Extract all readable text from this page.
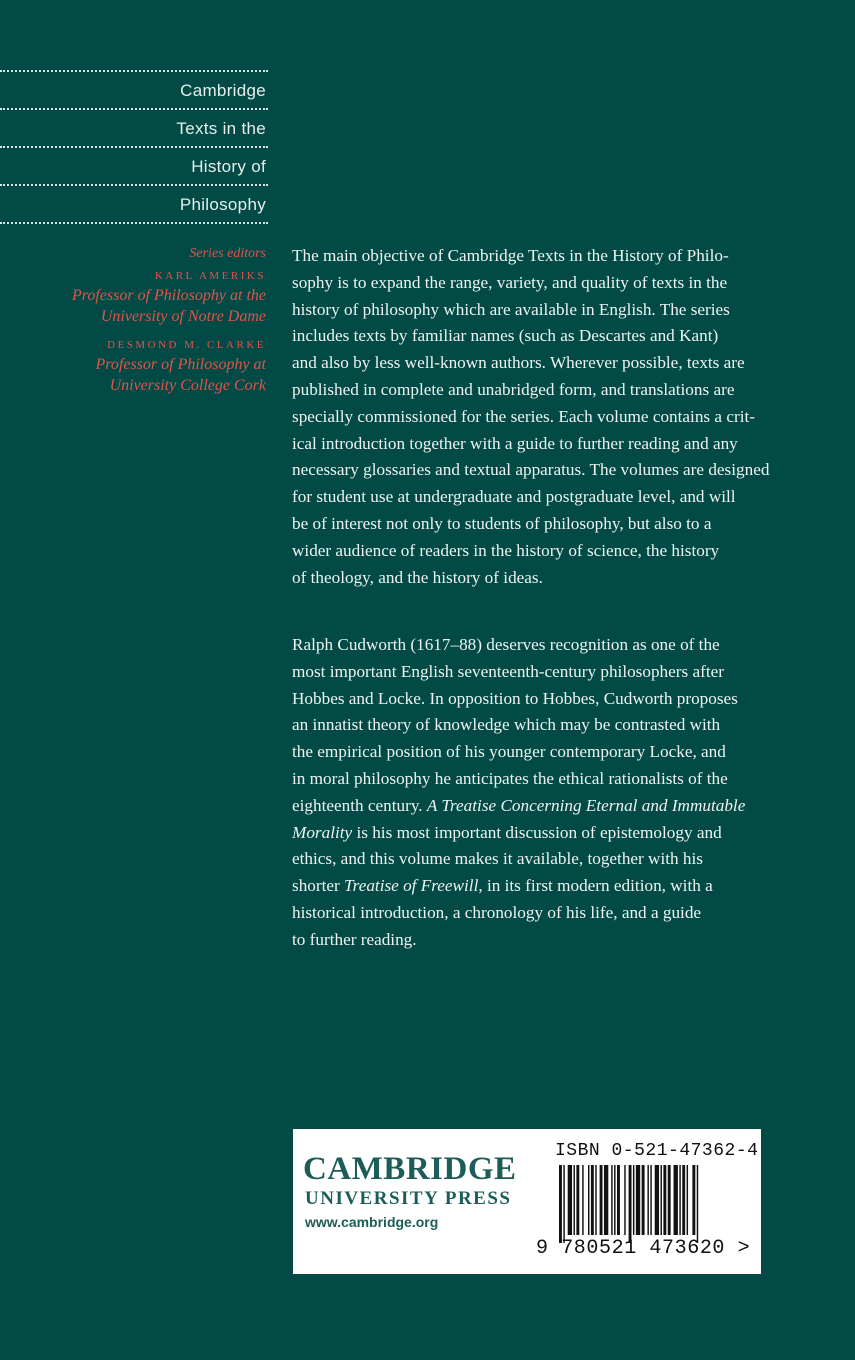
Cambridge
Texts in the
History of
Philosophy
Series editors
KARL AMERIKS
Professor of Philosophy at the
University of Notre Dame
DESMOND M. CLARKE
Professor of Philosophy at
University College Cork
The main objective of Cambridge Texts in the History of Philo-
sophy is to expand the range, variety, and quality of texts in the
history of philosophy which are available in English. The series
includes texts by familiar names (such as Descartes and Kant)
and also by less well-known authors. Wherever possible, texts are
published in complete and unabridged form, and translations are
specially commissioned for the series. Each volume contains a crit-
ical introduction together with a guide to further reading and any
necessary glossaries and textual apparatus. The volumes are designed
for student use at undergraduate and postgraduate level, and will
be of interest not only to students of philosophy, but also to a
wider audience of readers in the history of science, the history
of theology, and the history of ideas.
Ralph Cudworth (1617–88) deserves recognition as one of the
most important English seventeenth-century philosophers after
Hobbes and Locke. In opposition to Hobbes, Cudworth proposes
an innatist theory of knowledge which may be contrasted with
the empirical position of his younger contemporary Locke, and
in moral philosophy he anticipates the ethical rationalists of the
eighteenth century. A Treatise Concerning Eternal and Immutable
Morality is his most important discussion of epistemology and
ethics, and this volume makes it available, together with his
shorter Treatise of Freewill, in its first modern edition, with a
historical introduction, a chronology of his life, and a guide
to further reading.
CAMBRIDGE
UNIVERSITY PRESS
www.cambridge.org
ISBN 0-521-47362-4
9 780521 473620 >
